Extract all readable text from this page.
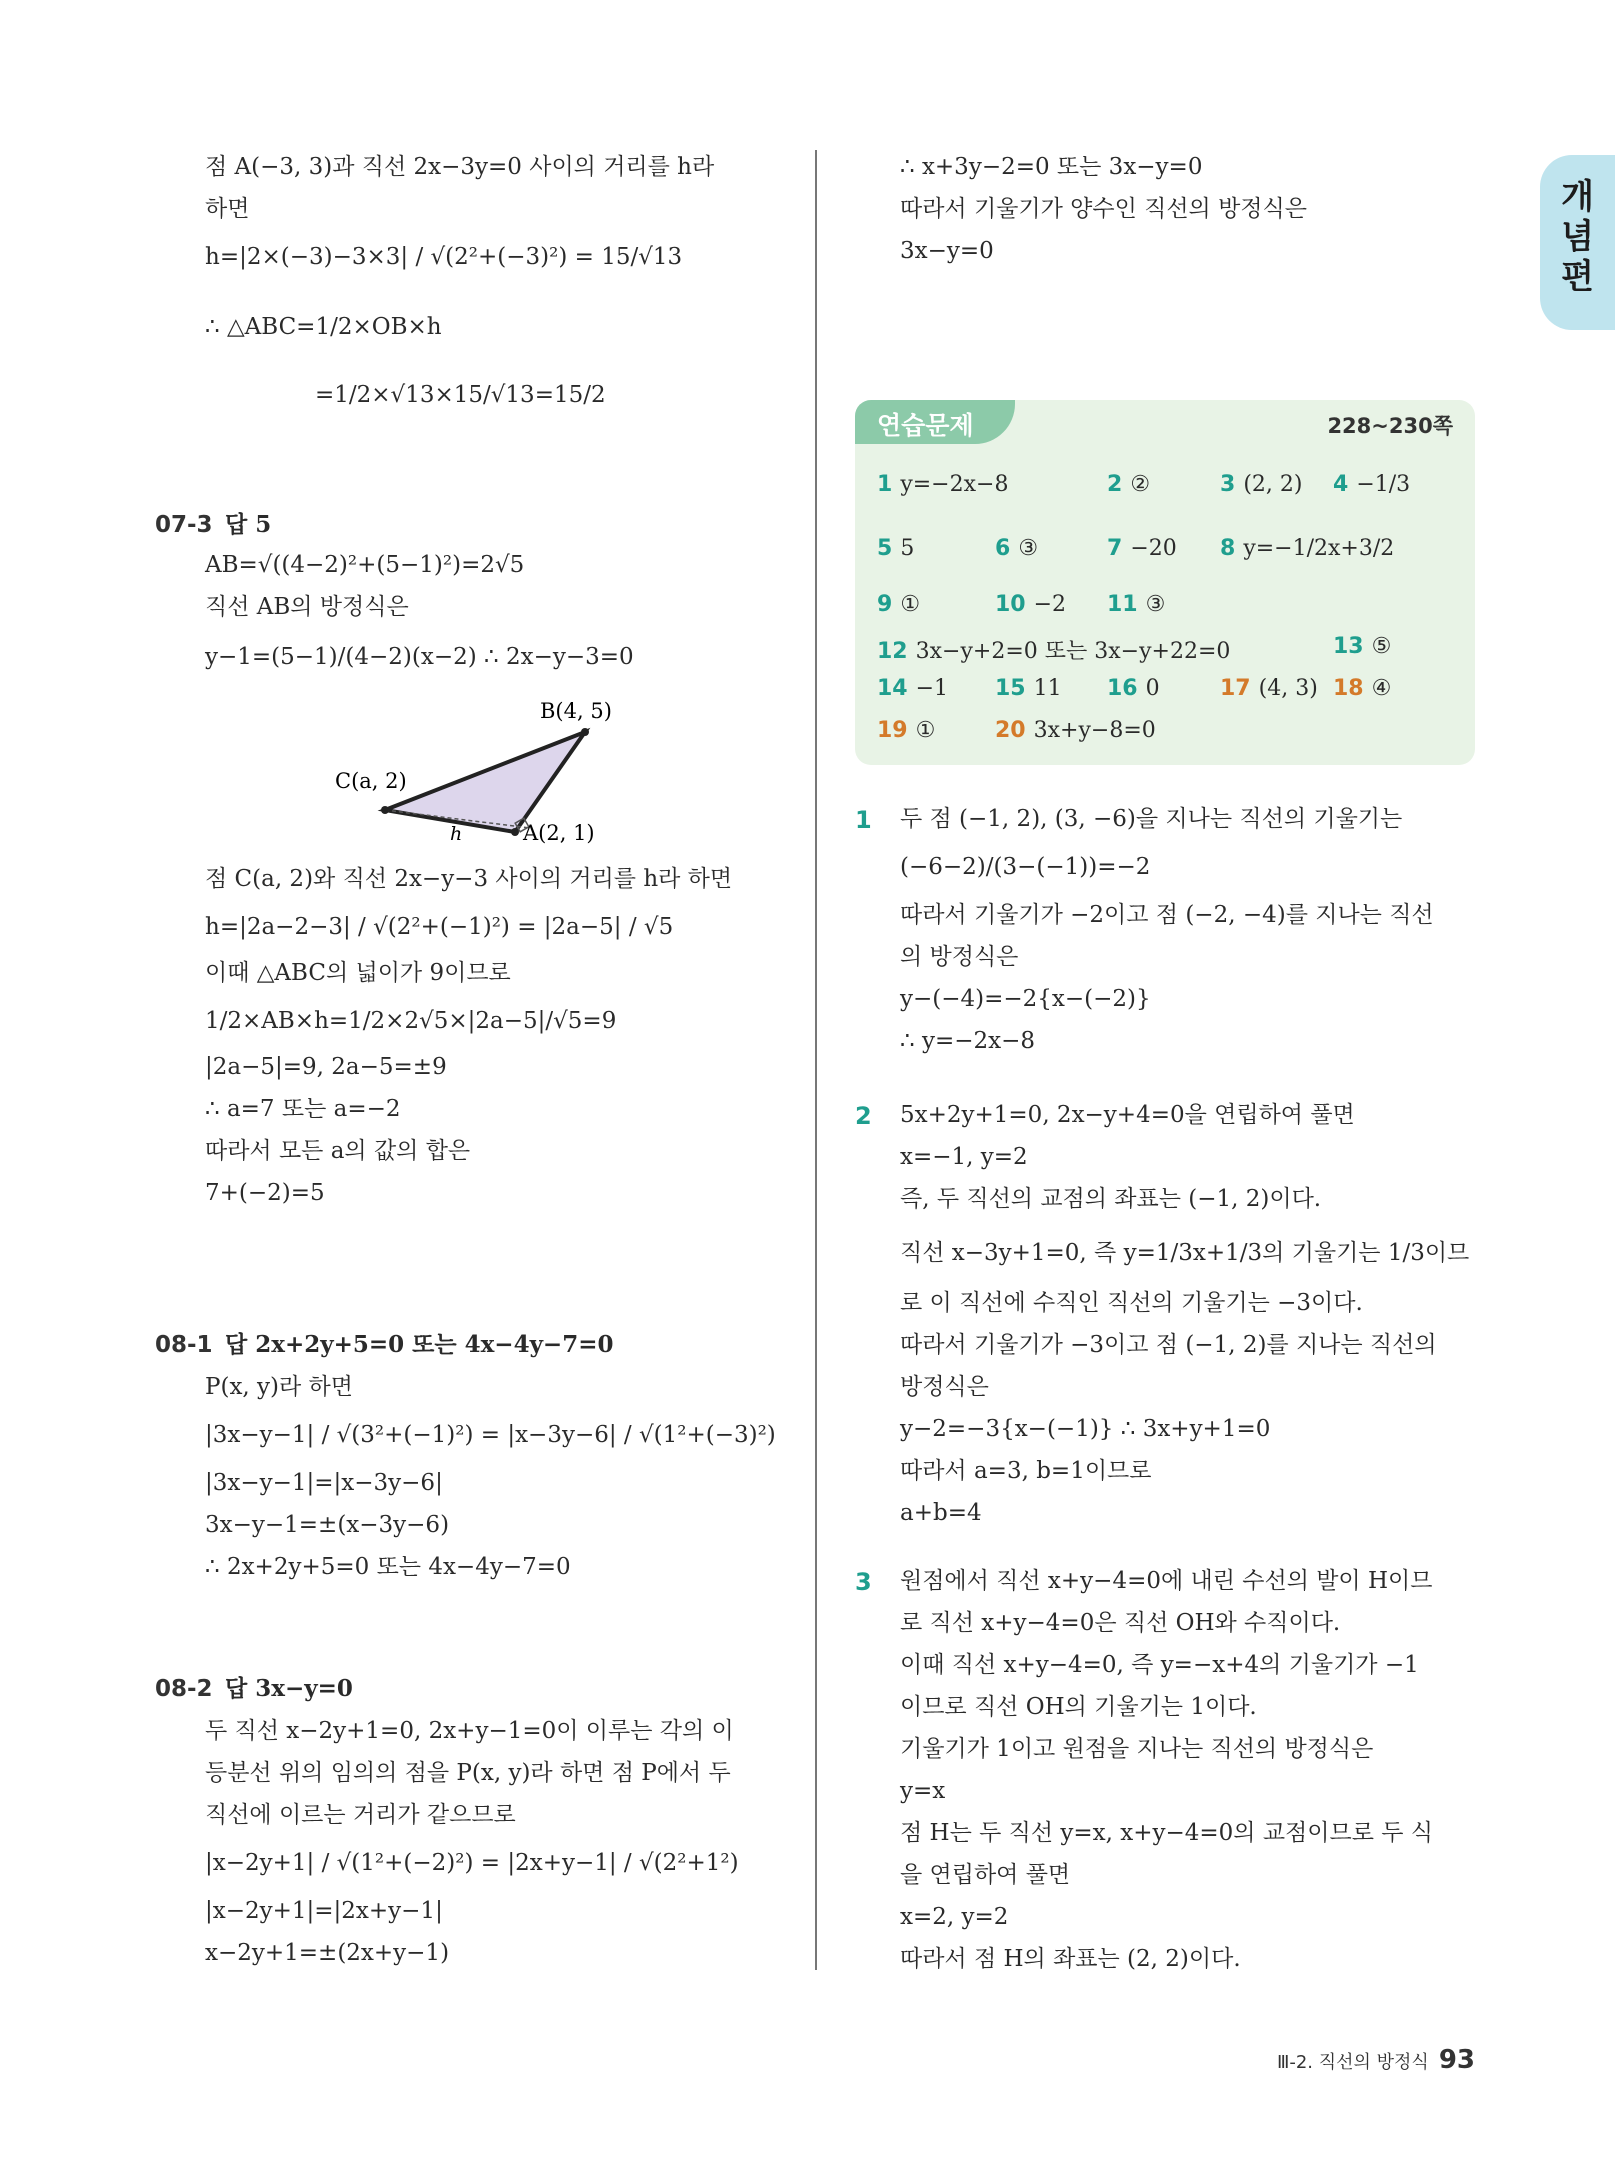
개
념
편
점 A(−3, 3)과 직선 2x−3y=0 사이의 거리를 h라
하면
h=|2×(−3)−3×3| / √(2²+(−3)²) = 15/√13
∴ △ABC=1/2×OB×h
=1/2×√13×15/√13=15/2
07-3 답 5
AB=√((4−2)²+(5−1)²)=2√5
직선 AB의 방정식은
y−1=(5−1)/(4−2)(x−2) ∴ 2x−y−3=0
B(4, 5)
C(a, 2)
A(2, 1)
h
점 C(a, 2)와 직선 2x−y−3 사이의 거리를 h라 하면
h=|2a−2−3| / √(2²+(−1)²) = |2a−5| / √5
이때 △ABC의 넓이가 9이므로
1/2×AB×h=1/2×2√5×|2a−5|/√5=9
|2a−5|=9, 2a−5=±9
∴ a=7 또는 a=−2
따라서 모든 a의 값의 합은
7+(−2)=5
08-1 답 2x+2y+5=0 또는 4x−4y−7=0
P(x, y)라 하면
|3x−y−1| / √(3²+(−1)²) = |x−3y−6| / √(1²+(−3)²)
|3x−y−1|=|x−3y−6|
3x−y−1=±(x−3y−6)
∴ 2x+2y+5=0 또는 4x−4y−7=0
08-2 답 3x−y=0
두 직선 x−2y+1=0, 2x+y−1=0이 이루는 각의 이
등분선 위의 임의의 점을 P(x, y)라 하면 점 P에서 두
직선에 이르는 거리가 같으므로
|x−2y+1| / √(1²+(−2)²) = |2x+y−1| / √(2²+1²)
|x−2y+1|=|2x+y−1|
x−2y+1=±(2x+y−1)
∴ x+3y−2=0 또는 3x−y=0
따라서 기울기가 양수인 직선의 방정식은
3x−y=0
연습문제	228~230쪽
1 y=−2x−8	2 ②	3 (2, 2) 4 −1/3
5 5	6 ③	7 −20 8 y=−1/2x+3/2
9 ①	10 −2 11 ③
12 3x−y+2=0 또는 3x−y+22=0	13 ⑤
14 −1 15 11 16 0	17 (4, 3) 18 ④
19 ①	20 3x+y−8=0
1 두 점 (−1, 2), (3, −6)을 지나는 직선의 기울기는
(−6−2)/(3−(−1))=−2
따라서 기울기가 −2이고 점 (−2, −4)를 지나는 직선
의 방정식은
y−(−4)=−2{x−(−2)}
∴ y=−2x−8
2 5x+2y+1=0, 2x−y+4=0을 연립하여 풀면
x=−1, y=2
즉, 두 직선의 교점의 좌표는 (−1, 2)이다.
직선 x−3y+1=0, 즉 y=1/3x+1/3의 기울기는 1/3이므
로 이 직선에 수직인 직선의 기울기는 −3이다.
따라서 기울기가 −3이고 점 (−1, 2)를 지나는 직선의
방정식은
y−2=−3{x−(−1)} ∴ 3x+y+1=0
따라서 a=3, b=1이므로
a+b=4
3 원점에서 직선 x+y−4=0에 내린 수선의 발이 H이므
로 직선 x+y−4=0은 직선 OH와 수직이다.
이때 직선 x+y−4=0, 즉 y=−x+4의 기울기가 −1
이므로 직선 OH의 기울기는 1이다.
기울기가 1이고 원점을 지나는 직선의 방정식은
y=x
점 H는 두 직선 y=x, x+y−4=0의 교점이므로 두 식
을 연립하여 풀면
x=2, y=2
따라서 점 H의 좌표는 (2, 2)이다.
Ⅲ-2. 직선의 방정식 93
